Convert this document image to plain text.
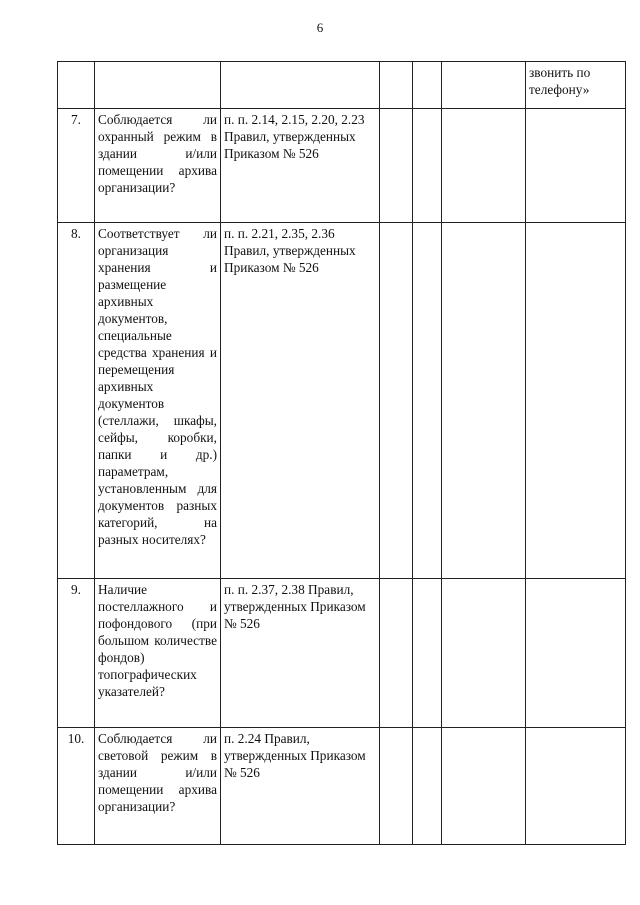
6

						звонить по телефону»

7.	Соблюдается ли охранный режим в здании и/или помещении архива организации?	п. п. 2.14, 2.15, 2.20, 2.23 Правил, утвержденных Приказом № 526				
8.	Соответствует ли организация хранения и размещение архивных документов, специальные средства хранения и перемещения архивных документов (стеллажи, шкафы, сейфы, коробки, папки и др.) параметрам, установленным для документов разных категорий, на разных носителях?	п. п. 2.21, 2.35, 2.36 Правил, утвержденных Приказом № 526				
9.	Наличие постеллажного и пофондового (при большом количестве фондов) топографических указателей?	п. п. 2.37, 2.38 Правил, утвержденных Приказом № 526				
10.	Соблюдается ли световой режим в здании и/или помещении архива организации?	п. 2.24 Правил, утвержденных Приказом № 526				
